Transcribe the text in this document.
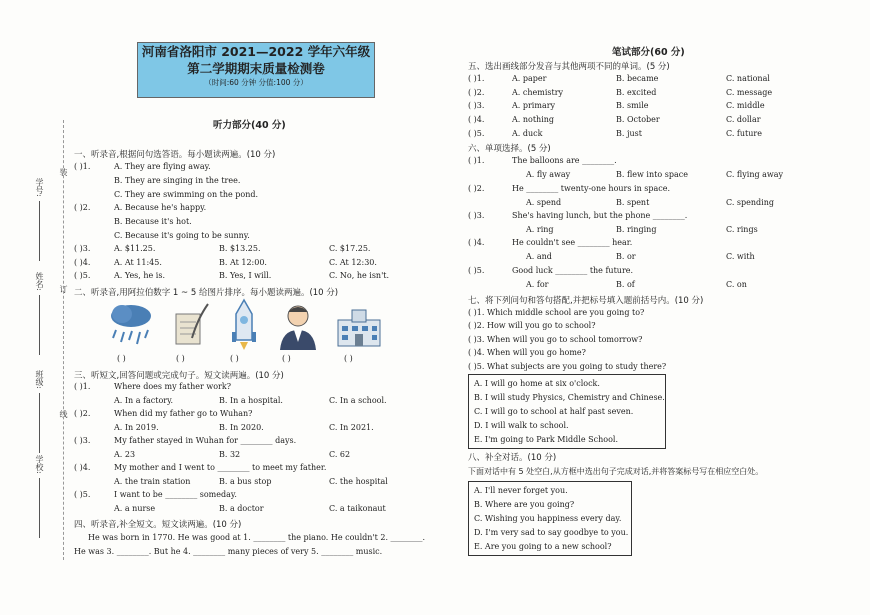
学校:
班级:
姓名:
学号:
线
订
装
河南省洛阳市 2021—2022 学年六年级
第二学期期末质量检测卷
（时间:60 分钟 分值:100 分）
听力部分(40 分)
一、听录音,根据问句选答语。每小题读两遍。(10 分)
( )1.	A. They are flying away.
B. They are singing in the tree.
C. They are swimming on the pond.
( )2.	A. Because he's happy.
B. Because it's hot.
C. Because it's going to be sunny.
( )3.	A. $11.25.	B. $13.25.	C. $17.25.
( )4.	A. At 11:45.	B. At 12:00.	C. At 12:30.
( )5.	A. Yes, he is.	B. Yes, I will.	C. No, he isn't.
二、听录音,用阿拉伯数字 1 ~ 5 给图片排序。每小题读两遍。(10 分)
( )	( )	( )	( )	( )
三、听短文,回答问题或完成句子。短文读两遍。(10 分)
( )1.	Where does my father work?
A. In a factory.	B. In a hospital.	C. In a school.
( )2.	When did my father go to Wuhan?
A. In 2019.	B. In 2020.	C. In 2021.
( )3.	My father stayed in Wuhan for ________ days.
A. 23	B. 32	C. 62
( )4.	My mother and I went to ________ to meet my father.
A. the train station	B. a bus stop	C. the hospital
( )5.	I want to be ________ someday.
A. a nurse	B. a doctor	C. a taikonaut
四、听录音,补全短文。短文读两遍。(10 分)
He was born in 1770. He was good at 1. ________ the piano. He couldn't 2. ________.
He was 3. ________. But he 4. ________ many pieces of very 5. ________ music.
笔试部分(60 分)
五、选出画线部分发音与其他两项不同的单词。(5 分)
( )1.	A. paper	B. became	C. national
( )2.	A. chemistry	B. excited	C. message
( )3.	A. primary	B. smile	C. middle
( )4.	A. nothing	B. October	C. dollar
( )5.	A. duck	B. just	C. future
六、单项选择。(5 分)
( )1.	The balloons are ________.
A. fly away	B. flew into space	C. flying away
( )2.	He ________ twenty-one hours in space.
A. spend	B. spent	C. spending
( )3.	She's having lunch, but the phone ________.
A. ring	B. ringing	C. rings
( )4.	He couldn't see ________ hear.
A. and	B. or	C. with
( )5.	Good luck ________ the future.
A. for	B. of	C. on
七、将下列问句和答句搭配,并把标号填入题前括号内。(10 分)
( )1. Which middle school are you going to?
( )2. How will you go to school?
( )3. When will you go to school tomorrow?
( )4. When will you go home?
( )5. What subjects are you going to study there?
A. I will go home at six o'clock.
B. I will study Physics, Chemistry and Chinese.
C. I will go to school at half past seven.
D. I will walk to school.
E. I'm going to Park Middle School.
八、补全对话。(10 分)
下面对话中有 5 处空白,从方框中选出句子完成对话,并将答案标号写在相应空白处。
A. I'll never forget you.
B. Where are you going?
C. Wishing you happiness every day.
D. I'm very sad to say goodbye to you.
E. Are you going to a new school?
